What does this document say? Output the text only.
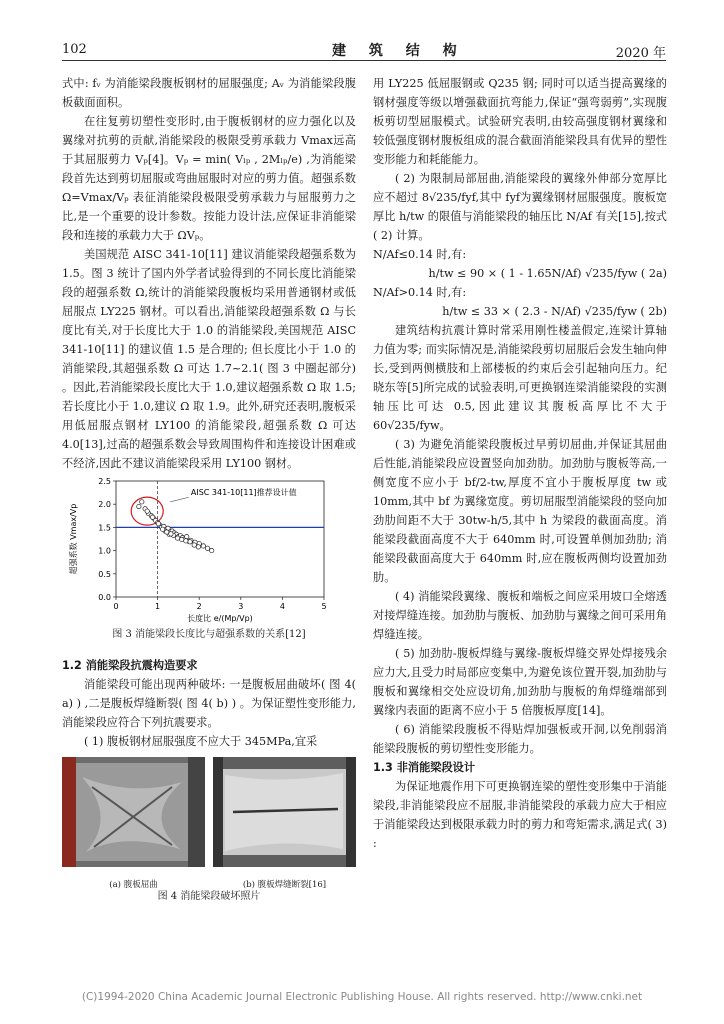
102	建 筑 结 构	2020 年

式中: fᵥ 为消能梁段腹板钢材的屈服强度; Aᵥ 为消能梁段腹板截面面积。

在往复剪切塑性变形时,由于腹板钢材的应力强化以及翼缘对抗剪的贡献,消能梁段的极限受剪承载力 Vmax远高于其屈服剪力 Vₚ[4]。Vₚ = min( Vₗₚ , 2Mₗₚ/e) ,为消能梁段首先达到剪切屈服或弯曲屈服时对应的剪力值。超强系数 Ω=Vmax/Vₚ 表征消能梁段极限受剪承载力与屈服剪力之比,是一个重要的设计参数。按能力设计法,应保证非消能梁段和连接的承载力大于 ΩVₚ。

美国规范 AISC 341-10[11] 建议消能梁段超强系数为 1.5。图 3 统计了国内外学者试验得到的不同长度比消能梁段的超强系数 Ω,统计的消能梁段腹板均采用普通钢材或低屈服点 LY225 钢材。可以看出,消能梁段超强系数 Ω 与长度比有关,对于长度比大于 1.0 的消能梁段,美国规范 AISC 341-10[11] 的建议值 1.5 是合理的; 但长度比小于 1.0 的消能梁段,其超强系数 Ω 可达 1.7~2.1( 图 3 中圈起部分) 。因此,若消能梁段长度比大于 1.0,建议超强系数 Ω 取 1.5; 若长度比小于 1.0,建议 Ω 取 1.9。此外,研究还表明,腹板采用低屈服点钢材 LY100 的消能梁段,超强系数 Ω 可达 4.0[13],过高的超强系数会导致周围构件和连接设计困难或不经济,因此不建议消能梁段采用 LY100 钢材。

0	1	2	3	4	5
0.0
0.5
1.0
1.5
2.0
2.5
AISC 341-10[11]推荐设计值
长度比 e/(Mp/Vp)
超强系数 Vmax/Vp
图 3 消能梁段长度比与超强系数的关系[12]

1.2 消能梁段抗震构造要求

消能梁段可能出现两种破坏: 一是腹板屈曲破坏( 图 4( a) ) ,二是腹板焊缝断裂( 图 4( b) ) 。为保证塑性变形能力,消能梁段应符合下列抗震要求。

( 1) 腹板钢材屈服强度不应大于 345MPa,宜采

(a) 腹板屈曲	(b) 腹板焊缝断裂[16]
图 4 消能梁段破坏照片

用 LY225 低屈服钢或 Q235 钢; 同时可以适当提高翼缘的钢材强度等级以增强截面抗弯能力,保证“强弯弱剪”,实现腹板剪切型屈服模式。试验研究表明,由较高强度钢材翼缘和较低强度钢材腹板组成的混合截面消能梁段具有优异的塑性变形能力和耗能能力。

( 2) 为限制局部屈曲,消能梁段的翼缘外伸部分宽厚比应不超过 8√235/fyf,其中 fyf为翼缘钢材屈服强度。腹板宽厚比 h/tw 的限值与消能梁段的轴压比 N/Af 有关[15],按式( 2) 计算。

N/Af≤0.14 时,有:

h/tw ≤ 90 × ( 1 - 1.65N/Af) √235/fyw ( 2a)

N/Af>0.14 时,有:

h/tw ≤ 33 × ( 2.3 - N/Af) √235/fyw ( 2b)

建筑结构抗震计算时常采用刚性楼盖假定,连梁计算轴力值为零; 而实际情况是,消能梁段剪切屈服后会发生轴向伸长,受到两侧横肢和上部楼板的约束后会引起轴向压力。纪晓东等[5]所完成的试验表明,可更换钢连梁消能梁段的实测轴压比可达 0.5,因此建议其腹板高厚比不大于 60√235/fyw。

( 3) 为避免消能梁段腹板过早剪切屈曲,并保证其屈曲后性能,消能梁段应设置竖向加劲肋。加劲肋与腹板等高,一侧宽度不应小于 bf/2-tw,厚度不宜小于腹板厚度 tw 或 10mm,其中 bf 为翼缘宽度。剪切屈服型消能梁段的竖向加劲肋间距不大于 30tw-h/5,其中 h 为梁段的截面高度。消能梁段截面高度不大于 640mm 时,可设置单侧加劲肋; 消能梁段截面高度大于 640mm 时,应在腹板两侧均设置加劲肋。

( 4) 消能梁段翼缘、腹板和端板之间应采用坡口全熔透对接焊缝连接。加劲肋与腹板、加劲肋与翼缘之间可采用角焊缝连接。

( 5) 加劲肋-腹板焊缝与翼缘-腹板焊缝交界处焊接残余应力大,且受力时局部应变集中,为避免该位置开裂,加劲肋与腹板和翼缘相交处应设切角,加劲肋与腹板的角焊缝端部到翼缘内表面的距离不应小于 5 倍腹板厚度[14]。

( 6) 消能梁段腹板不得贴焊加强板或开洞,以免削弱消能梁段腹板的剪切塑性变形能力。

1.3 非消能梁段设计

为保证地震作用下可更换钢连梁的塑性变形集中于消能梁段,非消能梁段应不屈服,非消能梁段的承载力应大于相应于消能梁段达到极限承载力时的剪力和弯矩需求,满足式( 3) :

(C)1994-2020 China Academic Journal Electronic Publishing House. All rights reserved. http://www.cnki.net
